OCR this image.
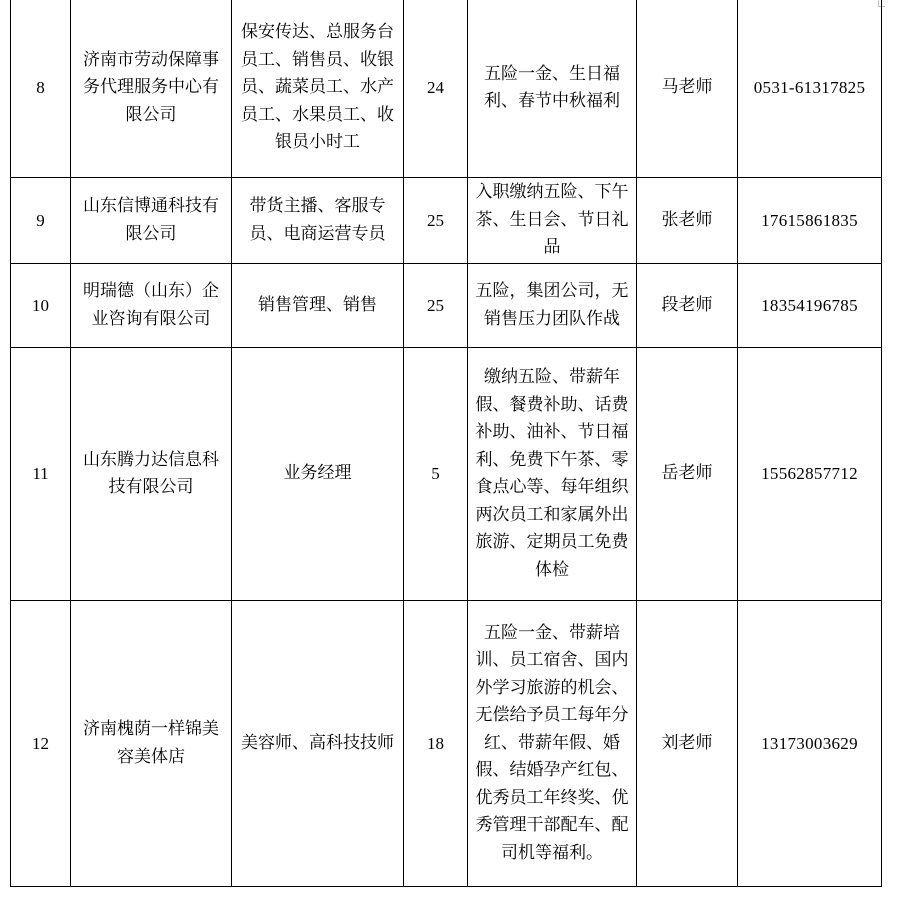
8	济南市劳动保障事务代理服务中心有限公司	保安传达、总服务台员工、销售员、收银员、蔬菜员工、水产员工、水果员工、收银员小时工	24	五险一金、生日福利、春节中秋福利	马老师	0531-61317825
9	山东信博通科技有限公司	带货主播、客服专员、电商运营专员	25	入职缴纳五险、下午茶、生日会、节日礼品	张老师	17615861835
10	明瑞德（山东）企业咨询有限公司	销售管理、销售	25	五险，集团公司，无销售压力团队作战	段老师	18354196785
11	山东腾力达信息科技有限公司	业务经理	5	缴纳五险、带薪年假、餐费补助、话费补助、油补、节日福利、免费下午茶、零食点心等、每年组织两次员工和家属外出旅游、定期员工免费体检	岳老师	15562857712
12	济南槐荫一样锦美容美体店	美容师、高科技技师	18	五险一金、带薪培训、员工宿舍、国内外学习旅游的机会、无偿给予员工每年分红、带薪年假、婚假、结婚孕产红包、优秀员工年终奖、优秀管理干部配车、配司机等福利。	刘老师	13173003629
